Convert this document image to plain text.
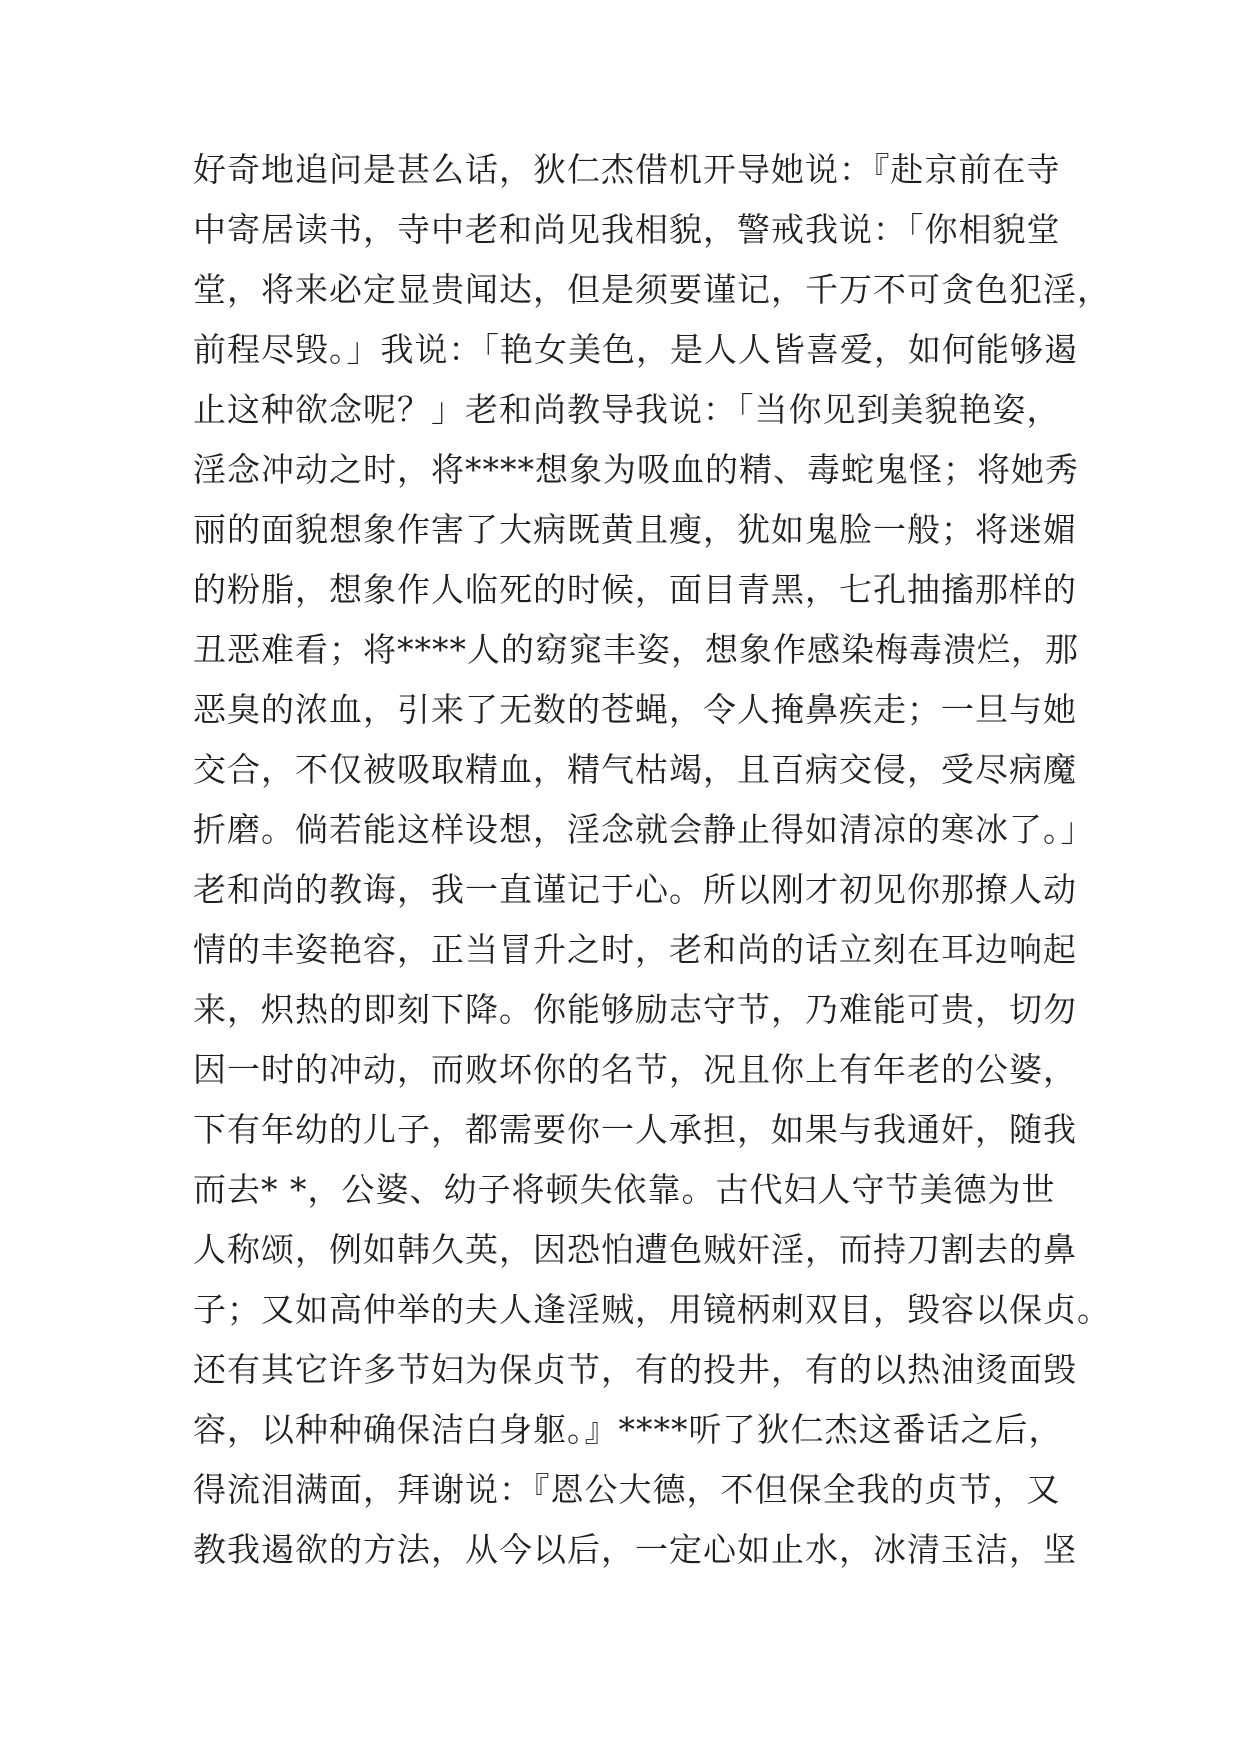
好奇地追问是甚么话，狄仁杰借机开导她说：『赴京前在寺
中寄居读书，寺中老和尚见我相貌，警戒我说：「你相貌堂
堂，将来必定显贵闻达，但是须要谨记，千万不可贪色犯淫，
前程尽毁。」我说：「艳女美色，是人人皆喜爱，如何能够遏
止这种欲念呢？」老和尚教导我说：「当你见到美貌艳姿，
淫念冲动之时，将****想象为吸血的精、毒蛇鬼怪；将她秀
丽的面貌想象作害了大病既黄且瘦，犹如鬼脸一般；将迷媚
的粉脂，想象作人临死的时候，面目青黑，七孔抽搐那样的
丑恶难看；将****人的窈窕丰姿，想象作感染梅毒溃烂，那
恶臭的浓血，引来了无数的苍蝇，令人掩鼻疾走；一旦与她
交合，不仅被吸取精血，精气枯竭，且百病交侵，受尽病魔
折磨。倘若能这样设想，淫念就会静止得如清凉的寒冰了。」
老和尚的教诲，我一直谨记于心。所以刚才初见你那撩人动
情的丰姿艳容，正当冒升之时，老和尚的话立刻在耳边响起
来，炽热的即刻下降。你能够励志守节，乃难能可贵，切勿
因一时的冲动，而败坏你的名节，况且你上有年老的公婆，
下有年幼的儿子，都需要你一人承担，如果与我通奸，随我
而去* *，公婆、幼子将顿失依靠。古代妇人守节美德为世
人称颂，例如韩久英，因恐怕遭色贼奸淫，而持刀割去的鼻
子；又如高仲举的夫人逢淫贼，用镜柄刺双目，毁容以保贞。
还有其它许多节妇为保贞节，有的投井，有的以热油烫面毁
容，以种种确保洁白身躯。』****听了狄仁杰这番话之后，
得流泪满面，拜谢说：『恩公大德，不但保全我的贞节，又
教我遏欲的方法，从今以后，一定心如止水，冰清玉洁，坚
